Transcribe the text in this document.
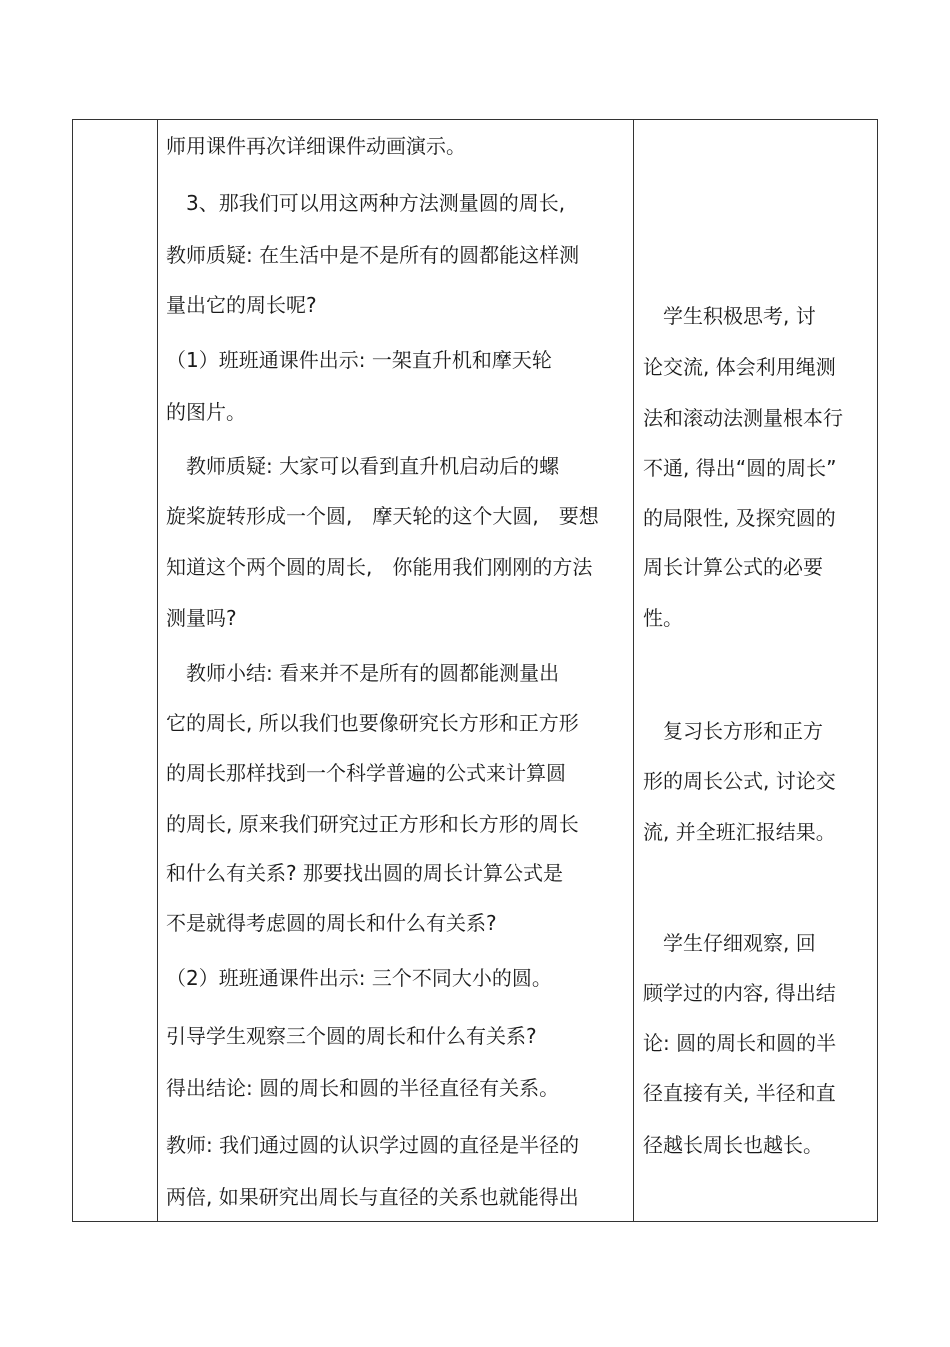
师用课件再次详细课件动画演示。
　3、那我们可以用这两种方法测量圆的周长,
教师质疑: 在生活中是不是所有的圆都能这样测
量出它的周长呢?
（1）班班通课件出示: 一架直升机和摩天轮
的图片。
　教师质疑: 大家可以看到直升机启动后的螺
旋桨旋转形成一个圆,　摩天轮的这个大圆,　要想
知道这个两个圆的周长,　你能用我们刚刚的方法
测量吗?
　教师小结: 看来并不是所有的圆都能测量出
它的周长, 所以我们也要像研究长方形和正方形
的周长那样找到一个科学普遍的公式来计算圆
的周长, 原来我们研究过正方形和长方形的周长
和什么有关系? 那要找出圆的周长计算公式是
不是就得考虑圆的周长和什么有关系?
（2）班班通课件出示: 三个不同大小的圆。
引导学生观察三个圆的周长和什么有关系?
得出结论: 圆的周长和圆的半径直径有关系。
教师: 我们通过圆的认识学过圆的直径是半径的
两倍, 如果研究出周长与直径的关系也就能得出
　学生积极思考, 讨
论交流, 体会利用绳测
法和滚动法测量根本行
不通, 得出“圆的周长”
的局限性, 及探究圆的
周长计算公式的必要
性。
　复习长方形和正方
形的周长公式, 讨论交
流, 并全班汇报结果。
　学生仔细观察, 回
顾学过的内容, 得出结
论: 圆的周长和圆的半
径直接有关, 半径和直
径越长周长也越长。
